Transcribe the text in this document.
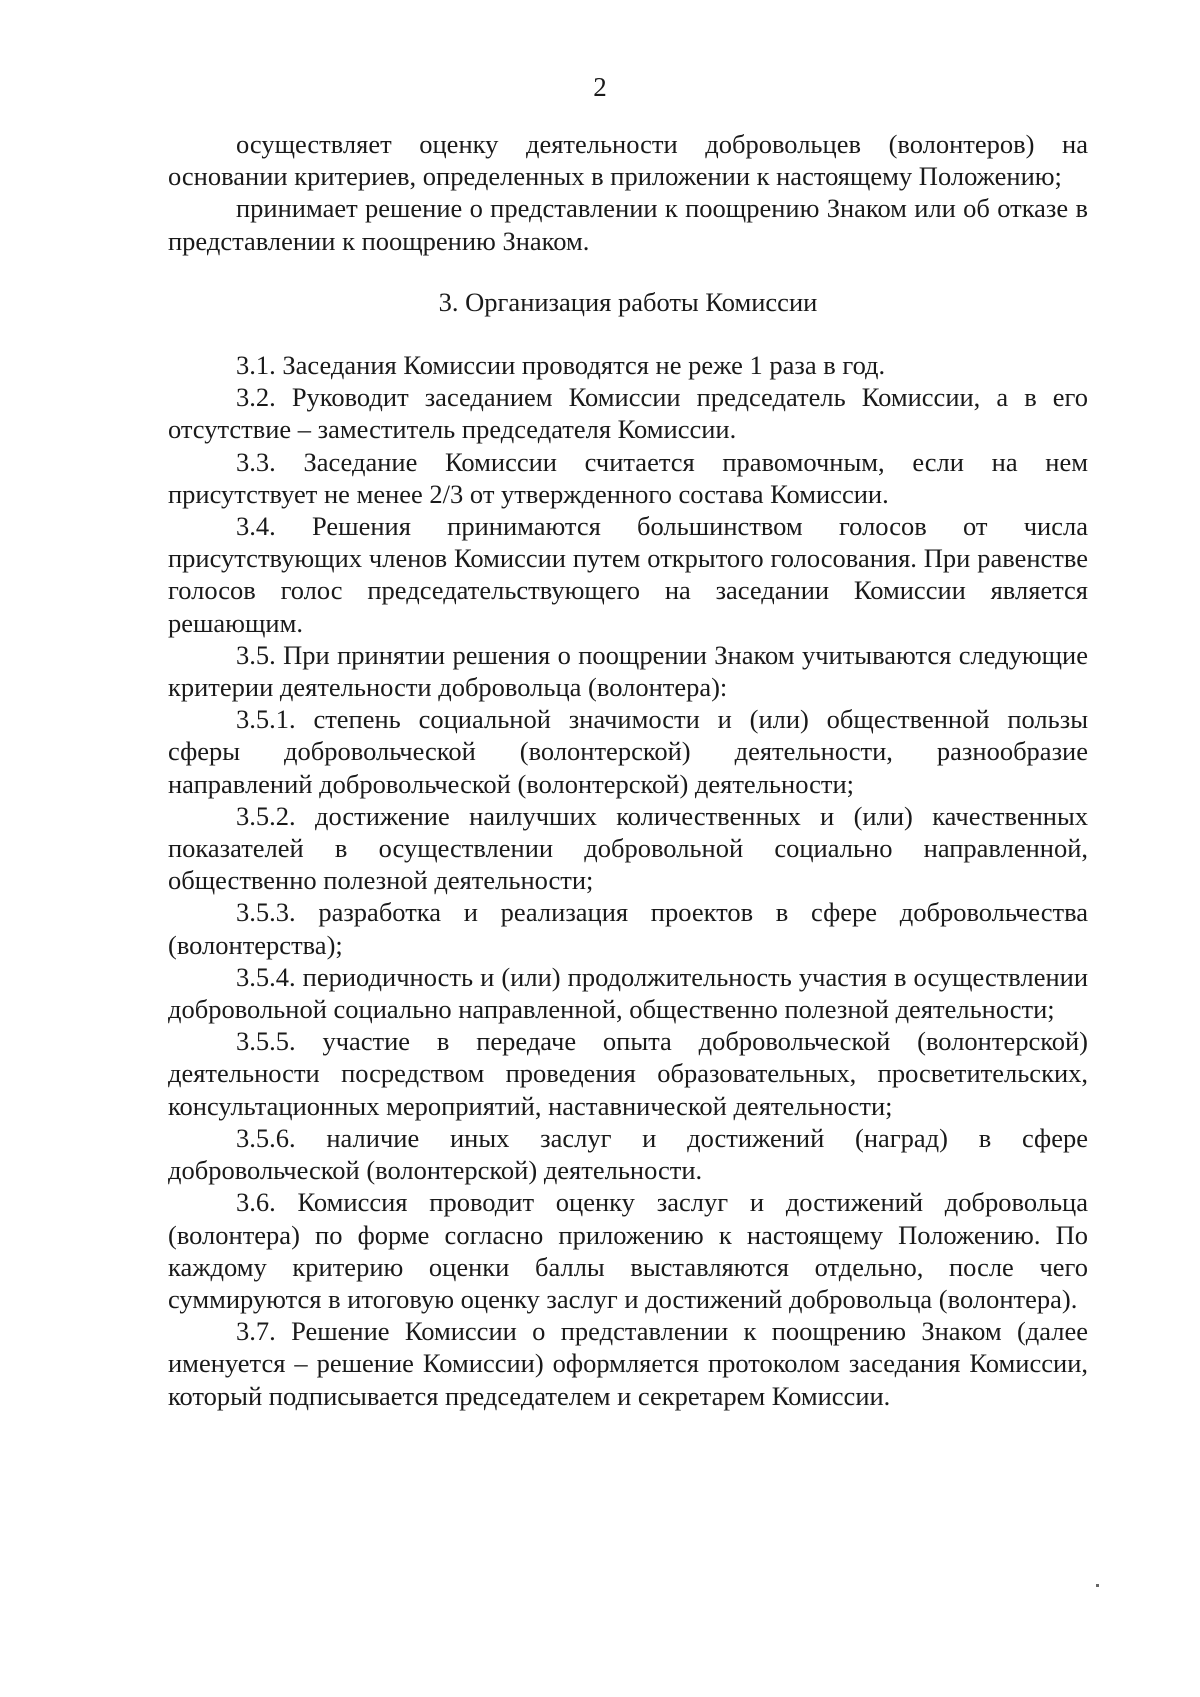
2

осуществляет оценку деятельности добровольцев (волонтеров) на основании критериев, определенных в приложении к настоящему Положению;

принимает решение о представлении к поощрению Знаком или об отказе в представлении к поощрению Знаком.

3. Организация работы Комиссии

3.1. Заседания Комиссии проводятся не реже 1 раза в год.

3.2. Руководит заседанием Комиссии председатель Комиссии, а в его отсутствие – заместитель председателя Комиссии.

3.3. Заседание Комиссии считается правомочным, если на нем присутствует не менее 2/3 от утвержденного состава Комиссии.

3.4. Решения принимаются большинством голосов от числа присутствующих членов Комиссии путем открытого голосования. При равенстве голосов голос председательствующего на заседании Комиссии является решающим.

3.5. При принятии решения о поощрении Знаком учитываются следующие критерии деятельности добровольца (волонтера):

3.5.1. степень социальной значимости и (или) общественной пользы сферы добровольческой (волонтерской) деятельности, разнообразие направлений добровольческой (волонтерской) деятельности;

3.5.2. достижение наилучших количественных и (или) качественных показателей в осуществлении добровольной социально направленной, общественно полезной деятельности;

3.5.3. разработка и реализация проектов в сфере добровольчества (волонтерства);

3.5.4. периодичность и (или) продолжительность участия в осуществлении добровольной социально направленной, общественно полезной деятельности;

3.5.5. участие в передаче опыта добровольческой (волонтерской) деятельности посредством проведения образовательных, просветительских, консультационных мероприятий, наставнической деятельности;

3.5.6. наличие иных заслуг и достижений (наград) в сфере добровольческой (волонтерской) деятельности.

3.6. Комиссия проводит оценку заслуг и достижений добровольца (волонтера) по форме согласно приложению к настоящему Положению. По каждому критерию оценки баллы выставляются отдельно, после чего суммируются в итоговую оценку заслуг и достижений добровольца (волонтера).

3.7. Решение Комиссии о представлении к поощрению Знаком (далее именуется – решение Комиссии) оформляется протоколом заседания Комиссии, который подписывается председателем и секретарем Комиссии.
